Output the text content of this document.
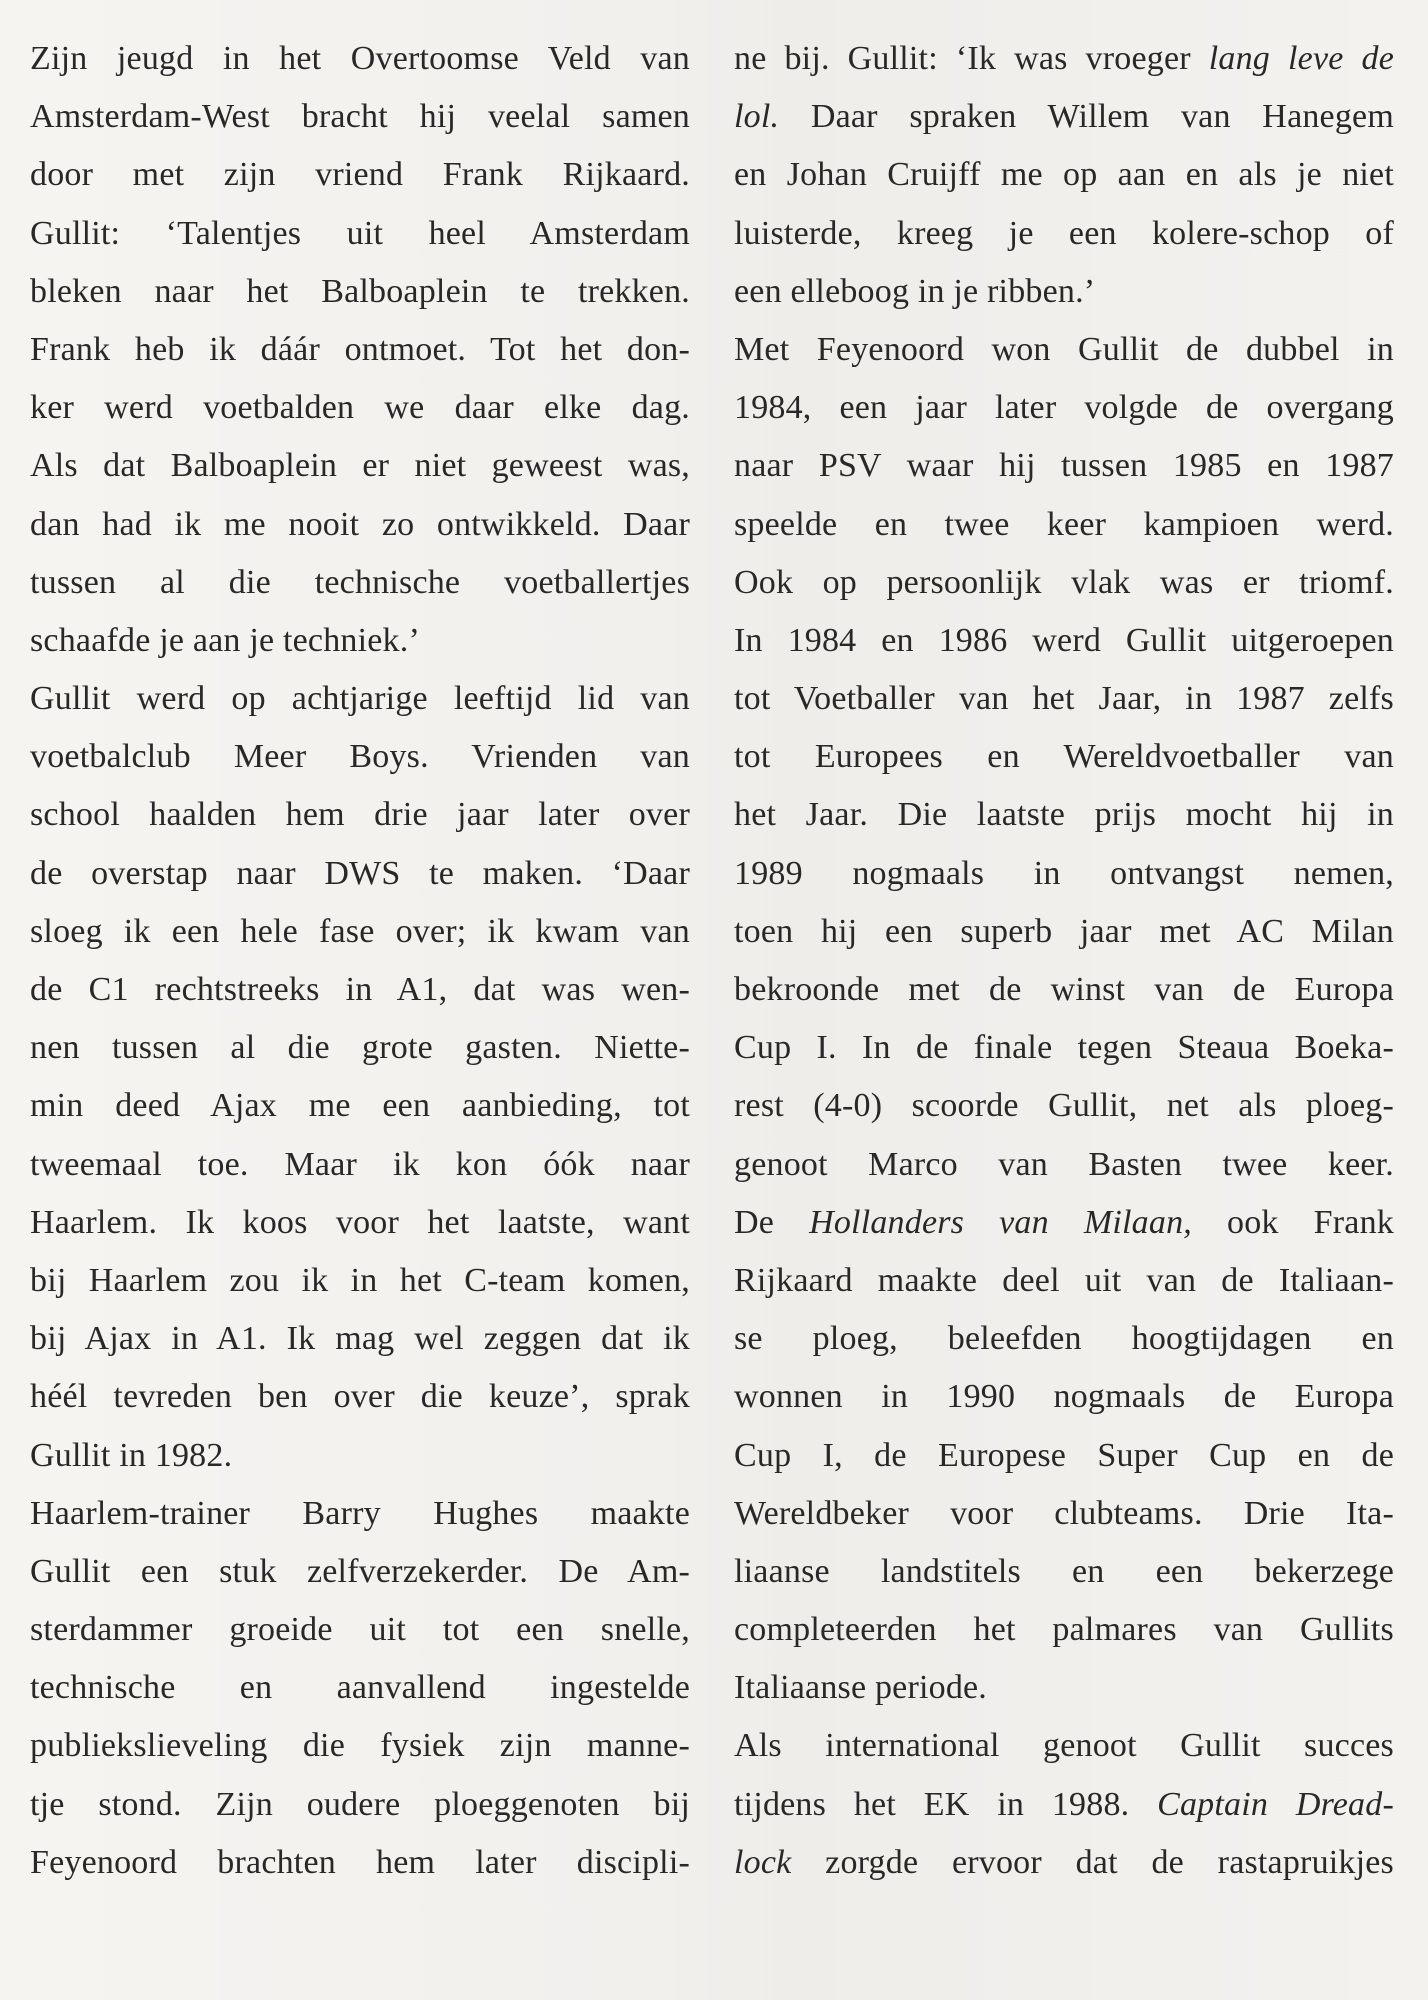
Zijn jeugd in het Overtoomse Veld van
Amsterdam-West bracht hij veelal samen
door met zijn vriend Frank Rijkaard.
Gullit: ‘Talentjes uit heel Amsterdam
bleken naar het Balboaplein te trekken.
Frank heb ik dáár ontmoet. Tot het don-
ker werd voetbalden we daar elke dag.
Als dat Balboaplein er niet geweest was,
dan had ik me nooit zo ontwikkeld. Daar
tussen al die technische voetballertjes
schaafde je aan je techniek.’
Gullit werd op achtjarige leeftijd lid van
voetbalclub Meer Boys. Vrienden van
school haalden hem drie jaar later over
de overstap naar DWS te maken. ‘Daar
sloeg ik een hele fase over; ik kwam van
de C1 rechtstreeks in A1, dat was wen-
nen tussen al die grote gasten. Niette-
min deed Ajax me een aanbieding, tot
tweemaal toe. Maar ik kon óók naar
Haarlem. Ik koos voor het laatste, want
bij Haarlem zou ik in het C-team komen,
bij Ajax in A1. Ik mag wel zeggen dat ik
héél tevreden ben over die keuze’, sprak
Gullit in 1982.
Haarlem-trainer Barry Hughes maakte
Gullit een stuk zelfverzekerder. De Am-
sterdammer groeide uit tot een snelle,
technische en aanvallend ingestelde
publiekslieveling die fysiek zijn manne-
tje stond. Zijn oudere ploeggenoten bij
Feyenoord brachten hem later discipli-
ne bij. Gullit: ‘Ik was vroeger lang leve de
lol. Daar spraken Willem van Hanegem
en Johan Cruijff me op aan en als je niet
luisterde, kreeg je een kolere-schop of
een elleboog in je ribben.’
Met Feyenoord won Gullit de dubbel in
1984, een jaar later volgde de overgang
naar PSV waar hij tussen 1985 en 1987
speelde en twee keer kampioen werd.
Ook op persoonlijk vlak was er triomf.
In 1984 en 1986 werd Gullit uitgeroepen
tot Voetballer van het Jaar, in 1987 zelfs
tot Europees en Wereldvoetballer van
het Jaar. Die laatste prijs mocht hij in
1989 nogmaals in ontvangst nemen,
toen hij een superb jaar met AC Milan
bekroonde met de winst van de Europa
Cup I. In de finale tegen Steaua Boeka-
rest (4-0) scoorde Gullit, net als ploeg-
genoot Marco van Basten twee keer.
De Hollanders van Milaan, ook Frank
Rijkaard maakte deel uit van de Italiaan-
se ploeg, beleefden hoogtijdagen en
wonnen in 1990 nogmaals de Europa
Cup I, de Europese Super Cup en de
Wereldbeker voor clubteams. Drie Ita-
liaanse landstitels en een bekerzege
completeerden het palmares van Gullits
Italiaanse periode.
Als international genoot Gullit succes
tijdens het EK in 1988. Captain Dread-
lock zorgde ervoor dat de rastapruikjes
